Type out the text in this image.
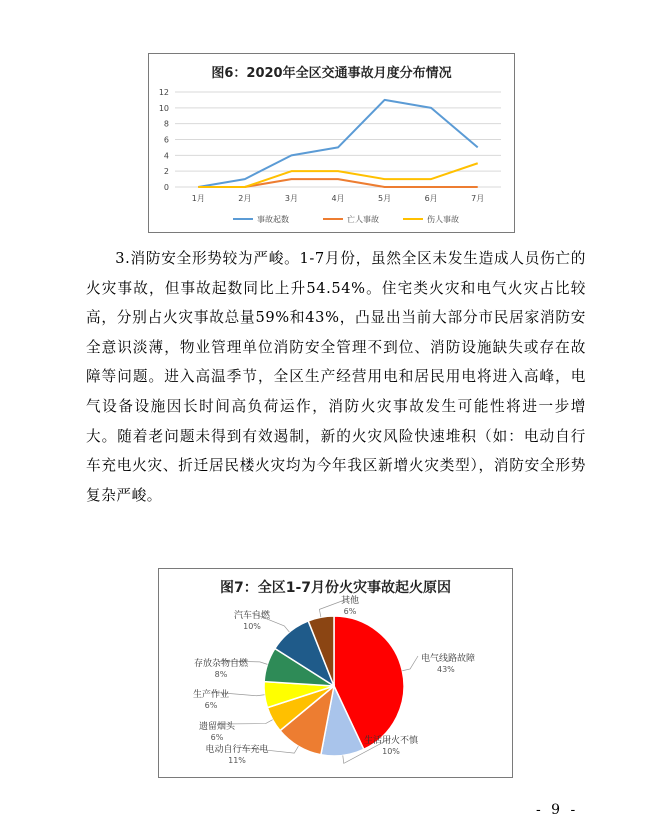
图6：2020年全区交通事故月度分布情况
0
2
4
6
8
10
12
1月	2月	3月	4月	5月	6月	7月
事故起数	亡人事故	伤人事故

3.消防安全形势较为严峻。1-7月份，虽然全区未发生造成人员伤亡的火灾事故，但事故起数同比上升54.54%。住宅类火灾和电气火灾占比较高，分别占火灾事故总量59%和43%，凸显出当前大部分市民居家消防安全意识淡薄，物业管理单位消防安全管理不到位、消防设施缺失或存在故障等问题。进入高温季节，全区生产经营用电和居民用电将进入高峰，电气设备设施因长时间高负荷运作，消防火灾事故发生可能性将进一步增大。随着老问题未得到有效遏制，新的火灾风险快速堆积（如：电动自行车充电火灾、折迁居民楼火灾均为今年我区新增火灾类型），消防安全形势复杂严峻。

图7：全区1-7月份火灾事故起火原因
电气线路故障
43%
生活用火不慎
10%
电动自行车充电
11%
遗留烟头
6%
生产作业
6%
存放杂物自燃
8%
汽车自燃
10%
其他
6%
- 9 -
